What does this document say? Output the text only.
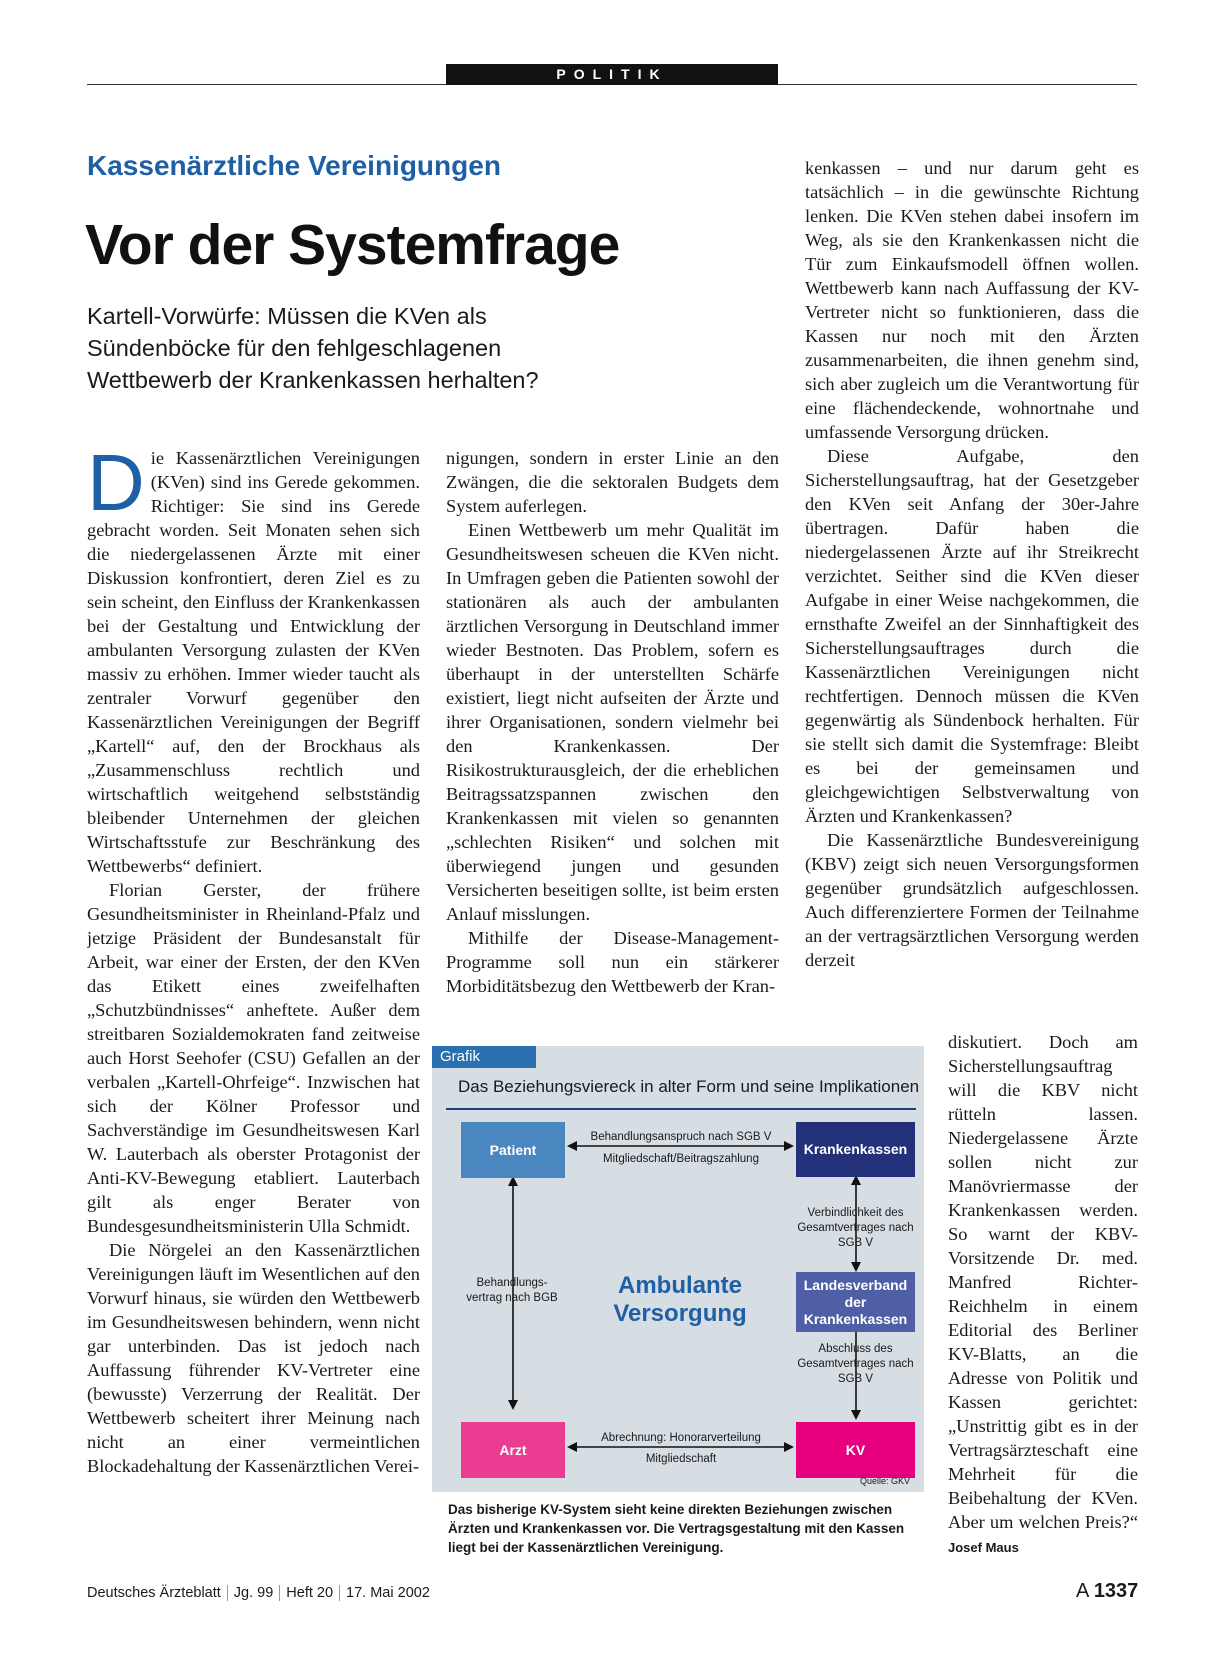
POLITIK
Kassenärztliche Vereinigungen
Vor der Systemfrage
Kartell-Vorwürfe: Müssen die KVen als Sündenböcke für den fehlgeschlagenen Wettbewerb der Krankenkassen herhalten?

Die Kassenärztlichen Vereinigungen (KVen) sind ins Gerede gekommen. Richtiger: Sie sind ins Gerede gebracht worden. Seit Monaten sehen sich die niedergelassenen Ärzte mit einer Diskussion konfrontiert, deren Ziel es zu sein scheint, den Einfluss der Krankenkassen bei der Gestaltung und Entwicklung der ambulanten Versorgung zulasten der KVen massiv zu erhöhen. Immer wieder taucht als zentraler Vorwurf gegenüber den Kassenärztlichen Vereinigungen der Begriff „Kartell“ auf, den der Brockhaus als „Zusammenschluss rechtlich und wirtschaftlich weitgehend selbstständig bleibender Unternehmen der gleichen Wirtschaftsstufe zur Beschränkung des Wettbewerbs“ definiert.

Florian Gerster, der frühere Gesundheitsminister in Rheinland-Pfalz und jetzige Präsident der Bundesanstalt für Arbeit, war einer der Ersten, der den KVen das Etikett eines zweifelhaften „Schutzbündnisses“ anheftete. Außer dem streitbaren Sozialdemokraten fand zeitweise auch Horst Seehofer (CSU) Gefallen an der verbalen „Kartell-Ohrfeige“. Inzwischen hat sich der Kölner Professor und Sachverständige im Gesundheitswesen Karl W. Lauterbach als oberster Protagonist der Anti-KV-Bewegung etabliert. Lauterbach gilt als enger Berater von Bundesgesundheitsministerin Ulla Schmidt.

Die Nörgelei an den Kassenärztlichen Vereinigungen läuft im Wesentlichen auf den Vorwurf hinaus, sie würden den Wettbewerb im Gesundheitswesen behindern, wenn nicht gar unterbinden. Das ist jedoch nach Auffassung führender KV-Vertreter eine (bewusste) Verzerrung der Realität. Der Wettbewerb scheitert ihrer Meinung nach nicht an einer vermeintlichen Blockadehaltung der Kassenärztlichen Verei-

nigungen, sondern in erster Linie an den Zwängen, die die sektoralen Budgets dem System auferlegen.

Einen Wettbewerb um mehr Qualität im Gesundheitswesen scheuen die KVen nicht. In Umfragen geben die Patienten sowohl der stationären als auch der ambulanten ärztlichen Versorgung in Deutschland immer wieder Bestnoten. Das Problem, sofern es überhaupt in der unterstellten Schärfe existiert, liegt nicht aufseiten der Ärzte und ihrer Organisationen, sondern vielmehr bei den Krankenkassen. Der Risikostrukturausgleich, der die erheblichen Beitragssatzspannen zwischen den Krankenkassen mit vielen so genannten „schlechten Risiken“ und solchen mit überwiegend jungen und gesunden Versicherten beseitigen sollte, ist beim ersten Anlauf misslungen.

Mithilfe der Disease-Management-Programme soll nun ein stärkerer Morbiditätsbezug den Wettbewerb der Kran-

kenkassen – und nur darum geht es tatsächlich – in die gewünschte Richtung lenken. Die KVen stehen dabei insofern im Weg, als sie den Krankenkassen nicht die Tür zum Einkaufsmodell öffnen wollen. Wettbewerb kann nach Auffassung der KV-Vertreter nicht so funktionieren, dass die Kassen nur noch mit den Ärzten zusammenarbeiten, die ihnen genehm sind, sich aber zugleich um die Verantwortung für eine flächendeckende, wohnortnahe und umfassende Versorgung drücken.

Diese Aufgabe, den Sicherstellungsauftrag, hat der Gesetzgeber den KVen seit Anfang der 30er-Jahre übertragen. Dafür haben die niedergelassenen Ärzte auf ihr Streikrecht verzichtet. Seither sind die KVen dieser Aufgabe in einer Weise nachgekommen, die ernsthafte Zweifel an der Sinnhaftigkeit des Sicherstellungsauftrages durch die Kassenärztlichen Vereinigungen nicht rechtfertigen. Dennoch müssen die KVen gegenwärtig als Sündenbock herhalten. Für sie stellt sich damit die Systemfrage: Bleibt es bei der gemeinsamen und gleichgewichtigen Selbstverwaltung von Ärzten und Krankenkassen?

Die Kassenärztliche Bundesvereinigung (KBV) zeigt sich neuen Versorgungsformen gegenüber grundsätzlich aufgeschlossen. Auch differenziertere Formen der Teilnahme an der vertragsärztlichen Versorgung werden derzeit

diskutiert. Doch am Sicherstellungsauftrag will die KBV nicht rütteln lassen. Niedergelassene Ärzte sollen nicht zur Manövriermasse der Krankenkassen werden. So warnt der KBV-Vorsitzende Dr. med. Manfred Richter-Reichhelm in einem Editorial des Berliner KV-Blatts, an die Adresse von Politik und Kassen gerichtet: „Unstrittig gibt es in der Vertragsärzteschaft eine Mehrheit für die Beibehaltung der KVen. Aber um welchen Preis?“ Josef Maus

Grafik
Das Beziehungsviereck in alter Form und seine Implikationen
Patient	Krankenkassen
Landesverband der Krankenkassen
Arzt	KV
Behandlungsanspruch nach SGB V
Mitgliedschaft/Beitragszahlung
Behandlungs-vertrag nach BGB
Verbindlichkeit des Gesamtvertrages nach SGB V
Abschluss des Gesamtvertrages nach SGB V
Abrechnung: Honorarverteilung
Mitgliedschaft
Ambulante Versorgung
Quelle: GKV
Das bisherige KV-System sieht keine direkten Beziehungen zwischen Ärzten und Krankenkassen vor. Die Vertragsgestaltung mit den Kassen liegt bei der Kassenärztlichen Vereinigung.
Deutsches Ärzteblatt Jg. 99 Heft 20 17. Mai 2002	A 1337
